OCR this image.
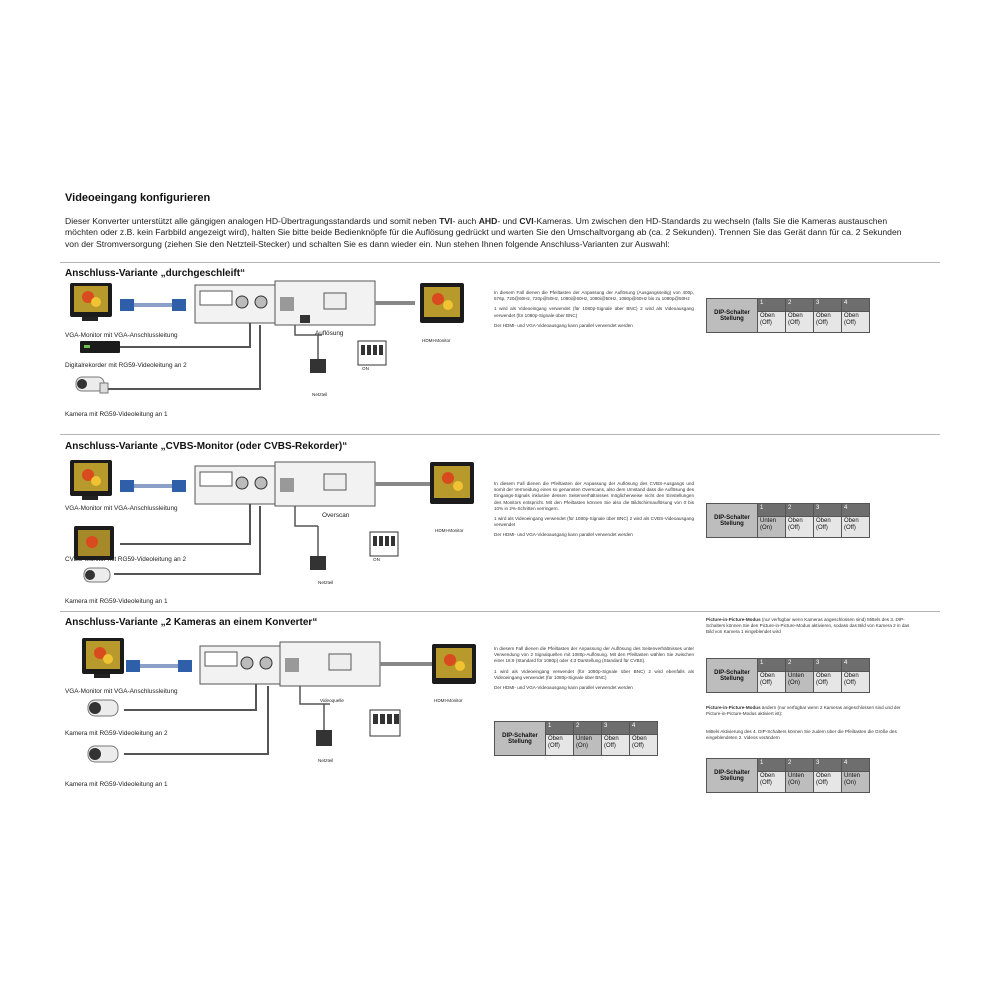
Videoeingang konfigurieren
Dieser Konverter unterstützt alle gängigen analogen HD-Übertragungsstandards und somit neben TVI- auch AHD- und CVI-Kameras. Um zwischen den HD-Standards zu wechseln (falls Sie die Kameras austauschen möchten oder z.B. kein Farbbild angezeigt wird), halten Sie bitte beide Bedienknöpfe für die Auflösung gedrückt und warten Sie den Umschaltvorgang ab (ca. 2 Sekunden). Trennen Sie das Gerät dann für ca. 2 Sekunden von der Stromversorgung (ziehen Sie den Netzteil-Stecker) und schalten Sie es dann wieder ein. Nun stehen Ihnen folgende Anschluss-Varianten zur Auswahl:
Anschluss-Variante „durchgeschleift“
VGA-Monitor mit VGA-Anschlussleitung
Digitalrekorder mit RG59-Videoleitung an 2
Kamera mit RG59-Videoleitung an 1
Auflösung
ON
HDMI-Monitor
Netzteil

In diesem Fall dienen die Pfeiltasten der Anpassung der Auflösung (Ausgangsseitig) von 400p, 576p, 720@60Hz, 720p@50Hz, 1080i@60Hz, 1080i@50Hz, 1080p@60Hz bis zu 1080p@50Hz

1 wird als Videoeingang verwendet (für 1080p-Signale über BNC) 2 wird als Videoausgang verwendet (für 1080p-Signale über BNC)

Der HDMI- und VGA-Videoausgang kann parallel verwendet werden

DIP-Schalter Stellung	1	2	3	4
	Oben (Off)	Oben (Off)	Oben (Off)	Oben (Off)
Anschluss-Variante „CVBS-Monitor (oder CVBS-Rekorder)“
VGA-Monitor mit VGA-Anschlussleitung
CVBS-Monitor mit RG59-Videoleitung an 2
Kamera mit RG59-Videoleitung an 1
Overscan
ON
HDMI-Monitor
Netzteil

In diesem Fall dienen die Pfeiltasten der Anpassung der Auflösung des CVBS-Ausgangs und somit der Vermeidung eines so genannten Overscans, also dem Umstand dass die Auflösung des Eingangs-Signals inklusive dessen Seitenverhältnisses möglicherweise nicht den Einstellungen des Monitors entspricht. Mit den Pfeiltasten können Sie also die Bildschirmauflösung von 0 bis 10% in 2%-Schritten verringern.

1 wird als Videoeingang verwendet (für 1080p-Signale über BNC) 2 wird als CVBS-Videoausgang verwendet

Der HDMI- und VGA-Videoausgang kann parallel verwendet werden

DIP-Schalter Stellung	1	2	3	4
	Unten (On)	Oben (Off)	Oben (Off)	Oben (Off)
Anschluss-Variante „2 Kameras an einem Konverter“
VGA-Monitor mit VGA-Anschlussleitung
Kamera mit RG59-Videoleitung an 2
Kamera mit RG59-Videoleitung an 1
Videoquelle	HDMI-Monitor
Netzteil

In diesem Fall dienen die Pfeiltasten der Anpassung der Auflösung des Seitenverhältnisses unter Verwendung von 2 Signalquellen mit 1080p-Auflösung. Mit den Pfeiltasten wählen Sie zwischen einer 16:9 (Standard für 1080p) oder 4:3 Darstellung (Standard für CVBS).

1 wird als Videoeingang verwendet (für 1080p-Signale über BNC) 2 wird ebenfalls als Videoeingang verwendet (für 1080p-Signale über BNC)

Der HDMI- und VGA-Videoausgang kann parallel verwendet werden

DIP-Schalter Stellung	1	2	3	4
	Oben (Off)	Unten (On)	Oben (Off)	Oben (Off)
Picture-in-Picture-Modus (nur verfügbar wenn Kameras angeschlossen sind) Mittels des 3. DIP-Schalters können Sie den Picture-in-Picture-Modus aktivieren, sodass das Bild von Kamera 2 in das Bild von Kamera 1 eingeblendet wird
DIP-Schalter Stellung	1	2	3	4
	Oben (Off)	Unten (On)	Oben (Off)	Oben (Off)
Picture-in-Picture-Modus ändern (nur verfügbar wenn 2 Kameras angeschlossen sind und der Picture-in-Picture-Modus aktiviert ist):
Mittels Aktivierung des 4. DIP-Schalters können Sie zudem über die Pfeiltasten die Größe des eingeblendeten 2. Videos verändern
DIP-Schalter Stellung	1	2	3	4
	Oben (Off)	Unten (On)	Oben (Off)	Unten (On)
